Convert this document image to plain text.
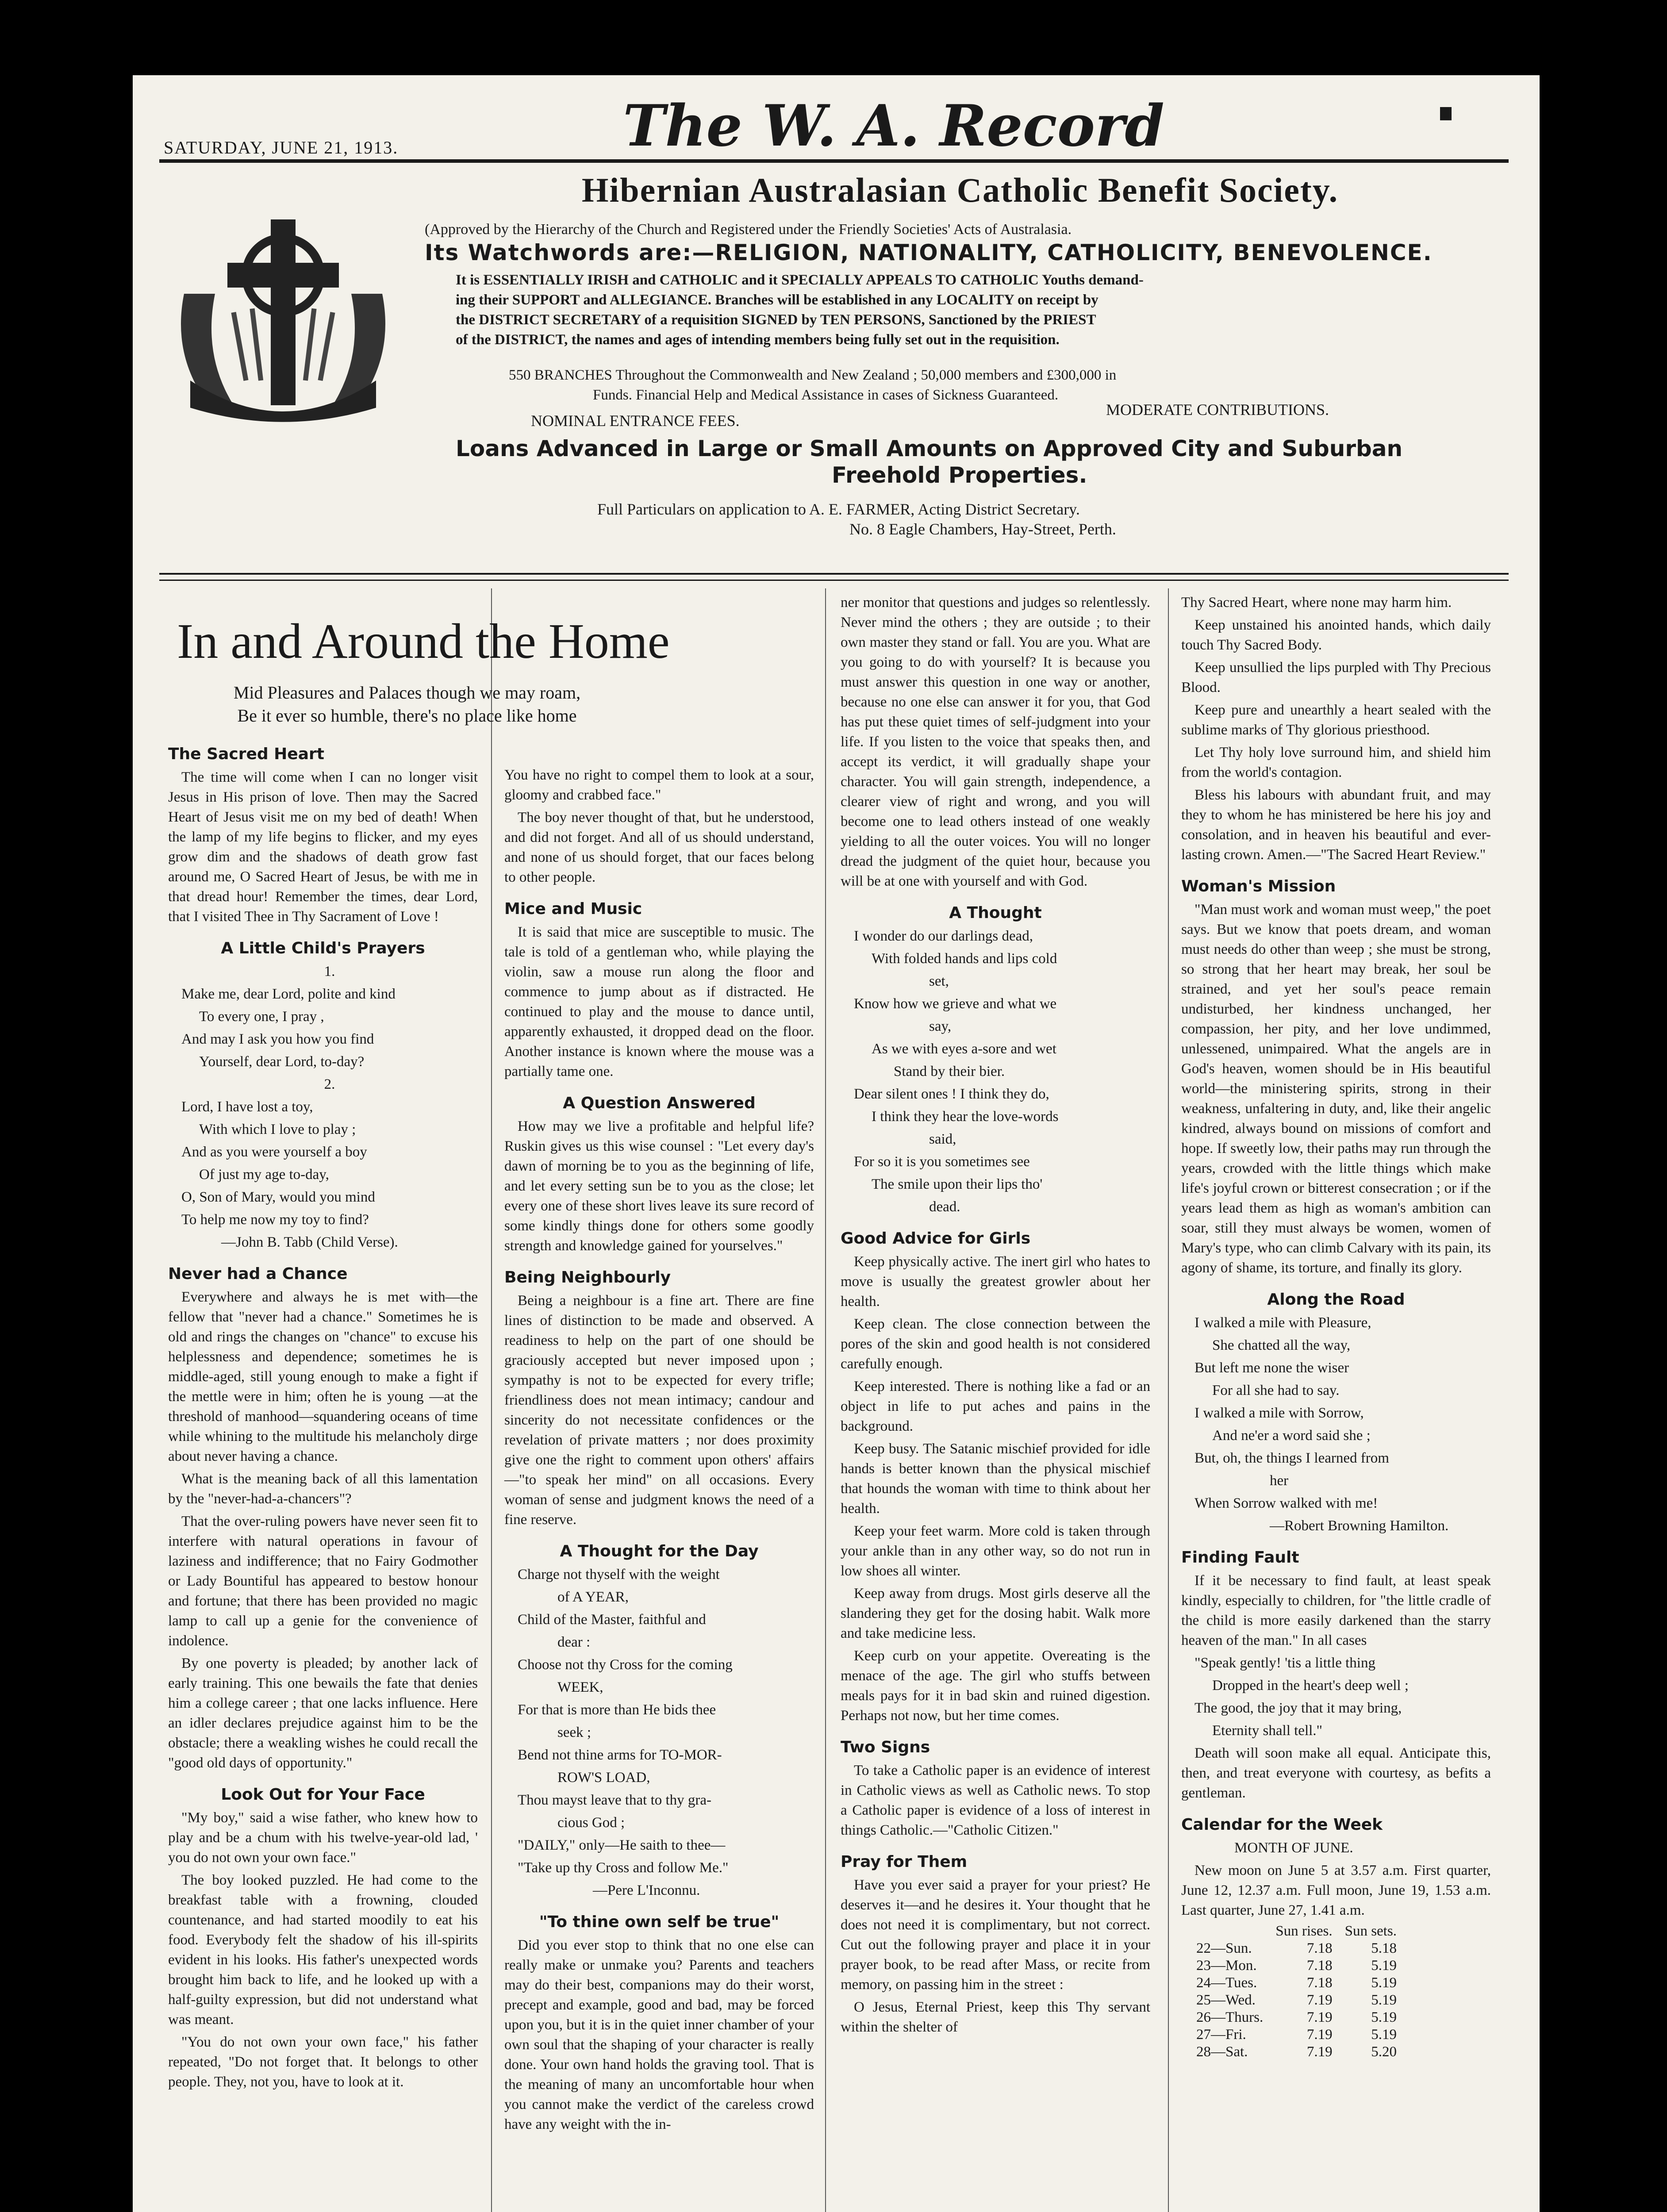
SATURDAY, JUNE 21, 1913.	The W. A. Record
Hibernian Australasian Catholic Benefit Society.
(Approved by the Hierarchy of the Church and Registered under the Friendly Societies' Acts of Australasia.
Its Watchwords are:—RELIGION, NATIONALITY, CATHOLICITY, BENEVOLENCE.
It is ESSENTIALLY IRISH and CATHOLIC and it SPECIALLY APPEALS TO CATHOLIC Youths demand-
ing their SUPPORT and ALLEGIANCE. Branches will be established in any LOCALITY on receipt by
the DISTRICT SECRETARY of a requisition SIGNED by TEN PERSONS, Sanctioned by the PRIEST
of the DISTRICT, the names and ages of intending members being fully set out in the requisition.
550 BRANCHES Throughout the Commonwealth and New Zealand ; 50,000 members and £300,000 in
Funds. Financial Help and Medical Assistance in cases of Sickness Guaranteed.
NOMINAL ENTRANCE FEES.
MODERATE CONTRIBUTIONS.
Loans Advanced in Large or Small Amounts on Approved City and Suburban
Freehold Properties.
Full Particulars on application to A. E. FARMER, Acting District Secretary.
No. 8 Eagle Chambers, Hay-Street, Perth.
In and Around the Home
Mid Pleasures and Palaces though we may roam,
Be it ever so humble, there's no place like home
The Sacred Heart

The time will come when I can no longer visit Jesus in His prison of love. Then may the Sacred Heart of Jesus visit me on my bed of death! When the lamp of my life begins to flicker, and my eyes grow dim and the shadows of death grow fast around me, O Sacred Heart of Jesus, be with me in that dread hour! Remember the times, dear Lord, that I visited Thee in Thy Sacrament of Love !

A Little Child's Prayers

1.

Make me, dear Lord, polite and kind

To every one, I pray ,

And may I ask you how you find

Yourself, dear Lord, to-day?

2.

Lord, I have lost a toy,

With which I love to play ;

And as you were yourself a boy

Of just my age to-day,

O, Son of Mary, would you mind

To help me now my toy to find?

—John B. Tabb (Child Verse).

Never had a Chance

Everywhere and always he is met with—the fellow that "never had a chance." Sometimes he is old and rings the changes on "chance" to excuse his helplessness and dependence; sometimes he is middle-aged, still young enough to make a fight if the mettle were in him; often he is young —at the threshold of manhood—squandering oceans of time while whining to the multitude his melancholy dirge about never having a chance.

What is the meaning back of all this lamentation by the "never-had-a-chancers"?

That the over-ruling powers have never seen fit to interfere with natural operations in favour of laziness and indifference; that no Fairy Godmother or Lady Bountiful has appeared to bestow honour and fortune; that there has been provided no magic lamp to call up a genie for the convenience of indolence.

By one poverty is pleaded; by another lack of early training. This one bewails the fate that denies him a college career ; that one lacks influence. Here an idler declares prejudice against him to be the obstacle; there a weakling wishes he could recall the "good old days of opportunity."

Look Out for Your Face

"My boy," said a wise father, who knew how to play and be a chum with his twelve-year-old lad, ' you do not own your own face."

The boy looked puzzled. He had come to the breakfast table with a frowning, clouded countenance, and had started moodily to eat his food. Everybody felt the shadow of his ill-spirits evident in his looks. His father's unexpected words brought him back to life, and he looked up with a half-guilty expression, but did not understand what was meant.

"You do not own your own face," his father repeated, "Do not forget that. It belongs to other people. They, not you, have to look at it.

You have no right to compel them to look at a sour, gloomy and crabbed face."

The boy never thought of that, but he understood, and did not forget. And all of us should understand, and none of us should forget, that our faces belong to other people.

Mice and Music

It is said that mice are susceptible to music. The tale is told of a gentleman who, while playing the violin, saw a mouse run along the floor and commence to jump about as if distracted. He continued to play and the mouse to dance until, apparently exhausted, it dropped dead on the floor. Another instance is known where the mouse was a partially tame one.

A Question Answered

How may we live a profitable and helpful life? Ruskin gives us this wise counsel : "Let every day's dawn of morning be to you as the beginning of life, and let every setting sun be to you as the close; let every one of these short lives leave its sure record of some kindly things done for others some goodly strength and knowledge gained for yourselves."

Being Neighbourly

Being a neighbour is a fine art. There are fine lines of distinction to be made and observed. A readiness to help on the part of one should be graciously accepted but never imposed upon ; sympathy is not to be expected for every trifle; friendliness does not mean intimacy; candour and sincerity do not necessitate confidences or the revelation of private matters ; nor does proximity give one the right to comment upon others' affairs—"to speak her mind" on all occasions. Every woman of sense and judgment knows the need of a fine reserve.

A Thought for the Day

Charge not thyself with the weight

of A YEAR,

Child of the Master, faithful and

dear :

Choose not thy Cross for the coming

WEEK,

For that is more than He bids thee

seek ;

Bend not thine arms for TO-MOR-

ROW'S LOAD,

Thou mayst leave that to thy gra-

cious God ;

"DAILY," only—He saith to thee—

"Take up thy Cross and follow Me."

—Pere L'Inconnu.

"To thine own self be true"

Did you ever stop to think that no one else can really make or unmake you? Parents and teachers may do their best, companions may do their worst, precept and example, good and bad, may be forced upon you, but it is in the quiet inner chamber of your own soul that the shaping of your character is really done. Your own hand holds the graving tool. That is the meaning of many an uncomfortable hour when you cannot make the verdict of the careless crowd have any weight with the in-

ner monitor that questions and judges so relentlessly. Never mind the others ; they are outside ; to their own master they stand or fall. You are you. What are you going to do with yourself? It is because you must answer this question in one way or another, because no one else can answer it for you, that God has put these quiet times of self-judgment into your life. If you listen to the voice that speaks then, and accept its verdict, it will gradually shape your character. You will gain strength, independence, a clearer view of right and wrong, and you will become one to lead others instead of one weakly yielding to all the outer voices. You will no longer dread the judgment of the quiet hour, because you will be at one with yourself and with God.

A Thought

I wonder do our darlings dead,

With folded hands and lips cold

set,

Know how we grieve and what we

say,

As we with eyes a-sore and wet

Stand by their bier.

Dear silent ones ! I think they do,

I think they hear the love-words

said,

For so it is you sometimes see

The smile upon their lips tho'

dead.

Good Advice for Girls

Keep physically active. The inert girl who hates to move is usually the greatest growler about her health.

Keep clean. The close connection between the pores of the skin and good health is not considered carefully enough.

Keep interested. There is nothing like a fad or an object in life to put aches and pains in the background.

Keep busy. The Satanic mischief provided for idle hands is better known than the physical mischief that hounds the woman with time to think about her health.

Keep your feet warm. More cold is taken through your ankle than in any other way, so do not run in low shoes all winter.

Keep away from drugs. Most girls deserve all the slandering they get for the dosing habit. Walk more and take medicine less.

Keep curb on your appetite. Overeating is the menace of the age. The girl who stuffs between meals pays for it in bad skin and ruined digestion. Perhaps not now, but her time comes.

Two Signs

To take a Catholic paper is an evidence of interest in Catholic views as well as Catholic news. To stop a Catholic paper is evidence of a loss of interest in things Catholic.—"Catholic Citizen."

Pray for Them

Have you ever said a prayer for your priest? He deserves it—and he desires it. Your thought that he does not need it is complimentary, but not correct. Cut out the following prayer and place it in your prayer book, to be read after Mass, or recite from memory, on passing him in the street :

O Jesus, Eternal Priest, keep this Thy servant within the shelter of

Thy Sacred Heart, where none may harm him.

Keep unstained his anointed hands, which daily touch Thy Sacred Body.

Keep unsullied the lips purpled with Thy Precious Blood.

Keep pure and unearthly a heart sealed with the sublime marks of Thy glorious priesthood.

Let Thy holy love surround him, and shield him from the world's contagion.

Bless his labours with abundant fruit, and may they to whom he has ministered be here his joy and consolation, and in heaven his beautiful and ever-lasting crown. Amen.—"The Sacred Heart Review."

Woman's Mission

"Man must work and woman must weep," the poet says. But we know that poets dream, and woman must needs do other than weep ; she must be strong, so strong that her heart may break, her soul be strained, and yet her soul's peace remain undisturbed, her kindness unchanged, her compassion, her pity, and her love undimmed, unlessened, unimpaired. What the angels are in God's heaven, women should be in His beautiful world—the ministering spirits, strong in their weakness, unfaltering in duty, and, like their angelic kindred, always bound on missions of comfort and hope. If sweetly low, their paths may run through the years, crowded with the little things which make life's joyful crown or bitterest consecration ; or if the years lead them as high as woman's ambition can soar, still they must always be women, women of Mary's type, who can climb Calvary with its pain, its agony of shame, its torture, and finally its glory.

Along the Road

I walked a mile with Pleasure,

She chatted all the way,

But left me none the wiser

For all she had to say.

I walked a mile with Sorrow,

And ne'er a word said she ;

But, oh, the things I learned from

her

When Sorrow walked with me!

—Robert Browning Hamilton.

Finding Fault

If it be necessary to find fault, at least speak kindly, especially to children, for "the little cradle of the child is more easily darkened than the starry heaven of the man." In all cases

"Speak gently! 'tis a little thing

Dropped in the heart's deep well ;

The good, the joy that it may bring,

Eternity shall tell."

Death will soon make all equal. Anticipate this, then, and treat everyone with courtesy, as befits a gentleman.

Calendar for the Week

MONTH OF JUNE.

New moon on June 5 at 3.57 a.m. First quarter, June 12, 12.37 a.m. Full moon, June 19, 1.53 a.m. Last quarter, June 27, 1.41 a.m.

	Sun rises.	Sun sets.
22—Sun.	7.18	5.18
23—Mon.	7.18	5.19
24—Tues.	7.18	5.19
25—Wed.	7.19	5.19
26—Thurs.	7.19	5.19
27—Fri.	7.19	5.19
28—Sat.	7.19	5.20
